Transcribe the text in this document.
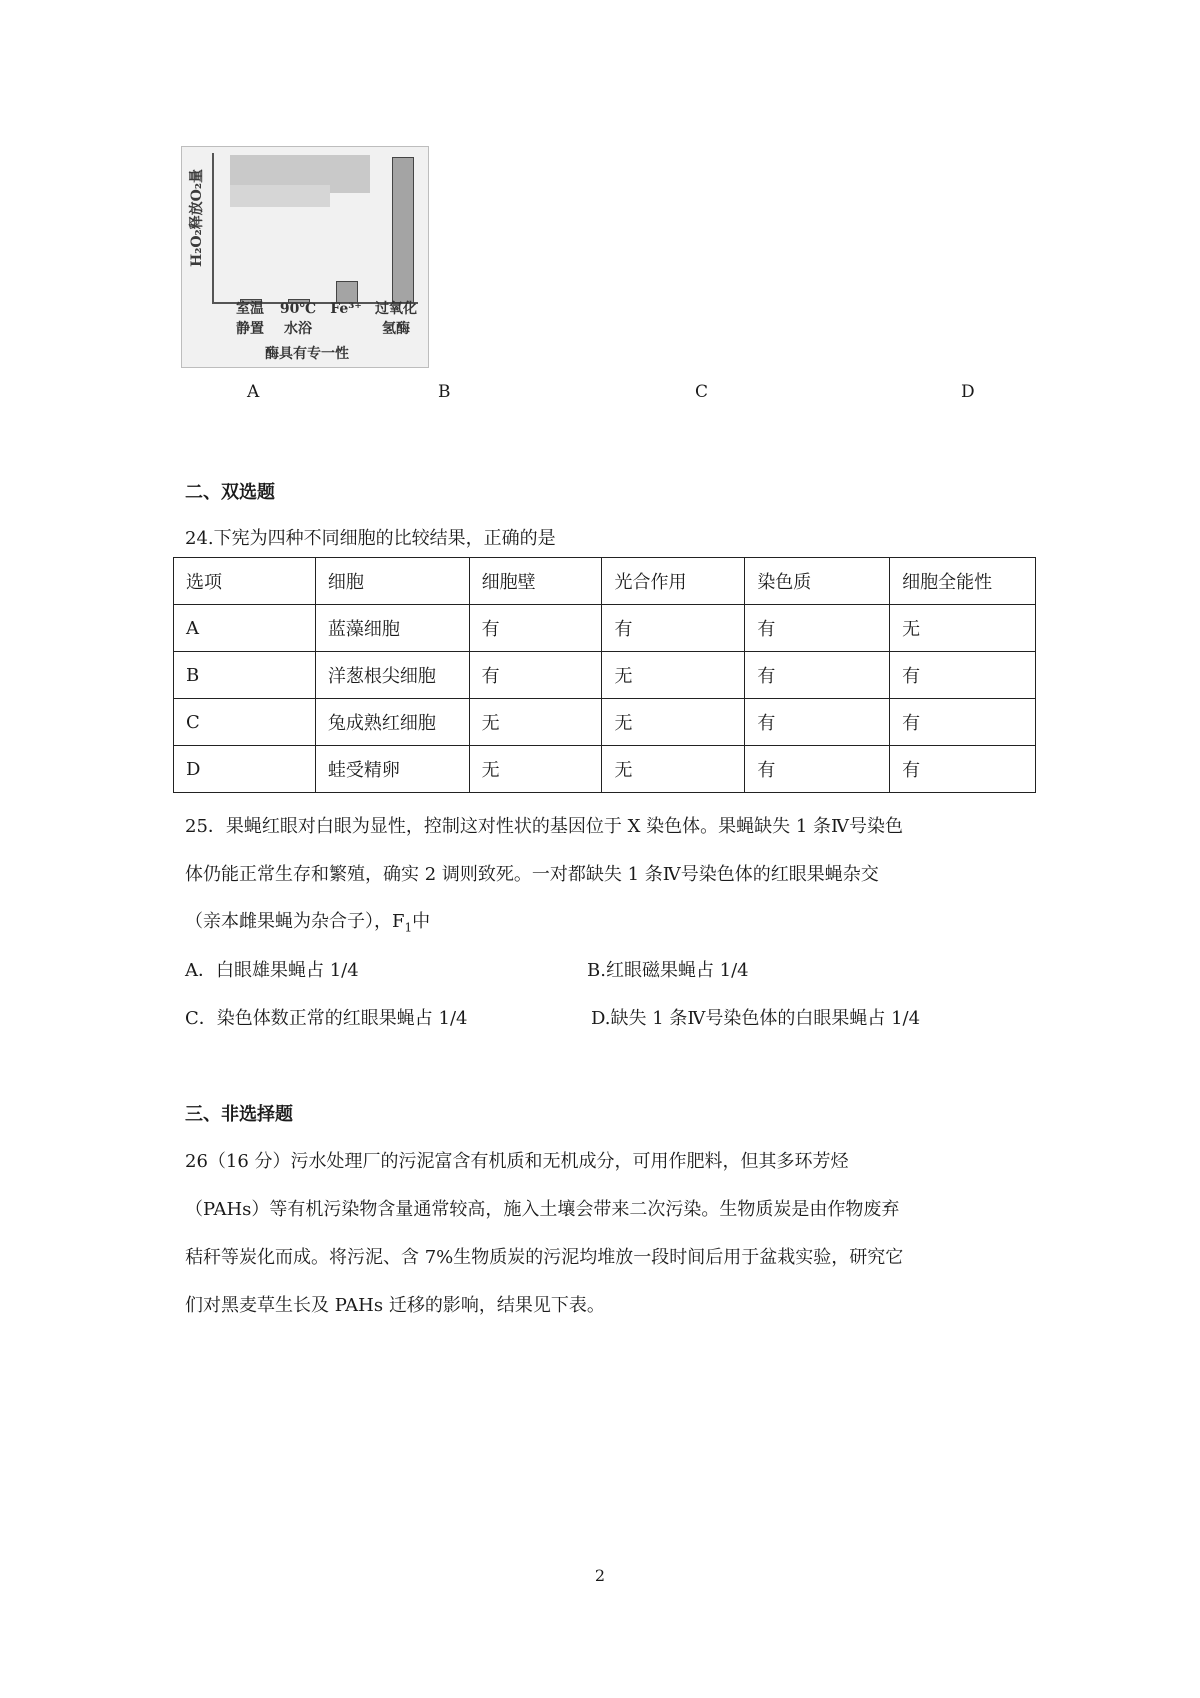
H₂O₂释放O₂量
室温
静置
90℃
水浴
Fe³⁺ 过氧化
氢酶
酶具有专一性
A	B	C	D
二、双选题
24.下宪为四种不同细胞的比较结果，正确的是
选项	细胞	细胞壁	光合作用	染色质	细胞全能性
A	蓝藻细胞	有	有	有	无
B	洋葱根尖细胞	有	无	有	有
C	兔成熟红细胞	无	无	有	有
D	蛙受精卵	无	无	有	有
25．果蝇红眼对白眼为显性，控制这对性状的基因位于 X 染色体。果蝇缺失 1 条Ⅳ号染色
体仍能正常生存和繁殖，确实 2 调则致死。一对都缺失 1 条Ⅳ号染色体的红眼果蝇杂交
（亲本雌果蝇为杂合子），$F_1$中
A．白眼雄果蝇占 1/4	B.红眼磁果蝇占 1/4
C．染色体数正常的红眼果蝇占 1/4	D.缺失 1 条Ⅳ号染色体的白眼果蝇占 1/4
三、非选择题
26（16 分）污水处理厂的污泥富含有机质和无机成分，可用作肥料，但其多环芳烃
（PAHs）等有机污染物含量通常较高，施入土壤会带来二次污染。生物质炭是由作物废弃
秸秆等炭化而成。将污泥、含 7%生物质炭的污泥均堆放一段时间后用于盆栽实验，研究它
们对黑麦草生长及 PAHs 迁移的影响，结果见下表。
2
